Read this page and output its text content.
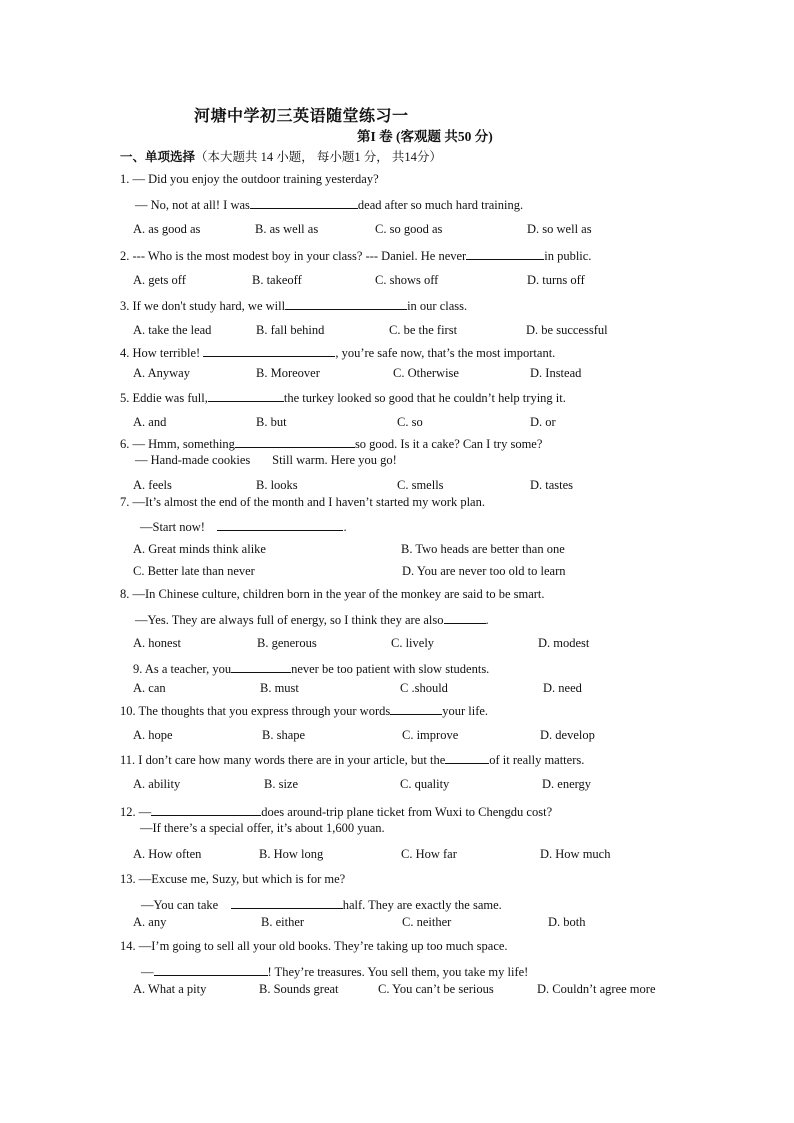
河塘中学初三英语随堂练习一
第I 卷 (客观题 共50 分)
一、单项选择（本大题共 14 小题， 每小题1 分， 共14分）
1. — Did you enjoy the outdoor training yesterday?
— No, not at all! I was	dead after so much hard training.
A. as good as	B. as well as	C. so good as	D. so well as
2. --- Who is the most modest boy in your class? --- Daniel. He never	in public.
A. gets off	B. takeoff	C. shows off	D. turns off
3. If we don't study hard, we will	in our class.
A. take the lead	B. fall behind	C. be the first	D. be successful
4. How terrible!	, you’re safe now, that’s the most important.
A. Anyway	B. Moreover	C. Otherwise	D. Instead
5. Eddie was full,	the turkey looked so good that he couldn’t help trying it.
A. and	B. but	C. so	D. or
6. — Hmm, something	so good. Is it a cake? Can I try some?
— Hand-made cookies Still warm. Here you go!
A. feels	B. looks	C. smells	D. tastes
7. —It’s almost the end of the month and I haven’t started my work plan.
—Start now!	.
A. Great minds think alike	B. Two heads are better than one
C. Better late than never	D. You are never too old to learn
8. —In Chinese culture, children born in the year of the monkey are said to be smart.
—Yes. They are always full of energy, so I think they are also	.
A. honest	B. generous	C. lively	D. modest
9. As a teacher, you	never be too patient with slow students.
A. can	B. must	C .should	D. need
10. The thoughts that you express through your words	your life.
A. hope	B. shape	C. improve	D. develop
11. I don’t care how many words there are in your article, but the	of it really matters.
A. ability	B. size	C. quality	D. energy
12. —	does around-trip plane ticket from Wuxi to Chengdu cost?
—If there’s a special offer, it’s about 1,600 yuan.
A. How often	B. How long	C. How far	D. How much
13. —Excuse me, Suzy, but which is for me?
—You can take	half. They are exactly the same.
A. any	B. either	C. neither	D. both
14. —I’m going to sell all your old books. They’re taking up too much space.
—	! They’re treasures. You sell them, you take my life!
A. What a pity	B. Sounds great	C. You can’t be serious	D. Couldn’t agree more
